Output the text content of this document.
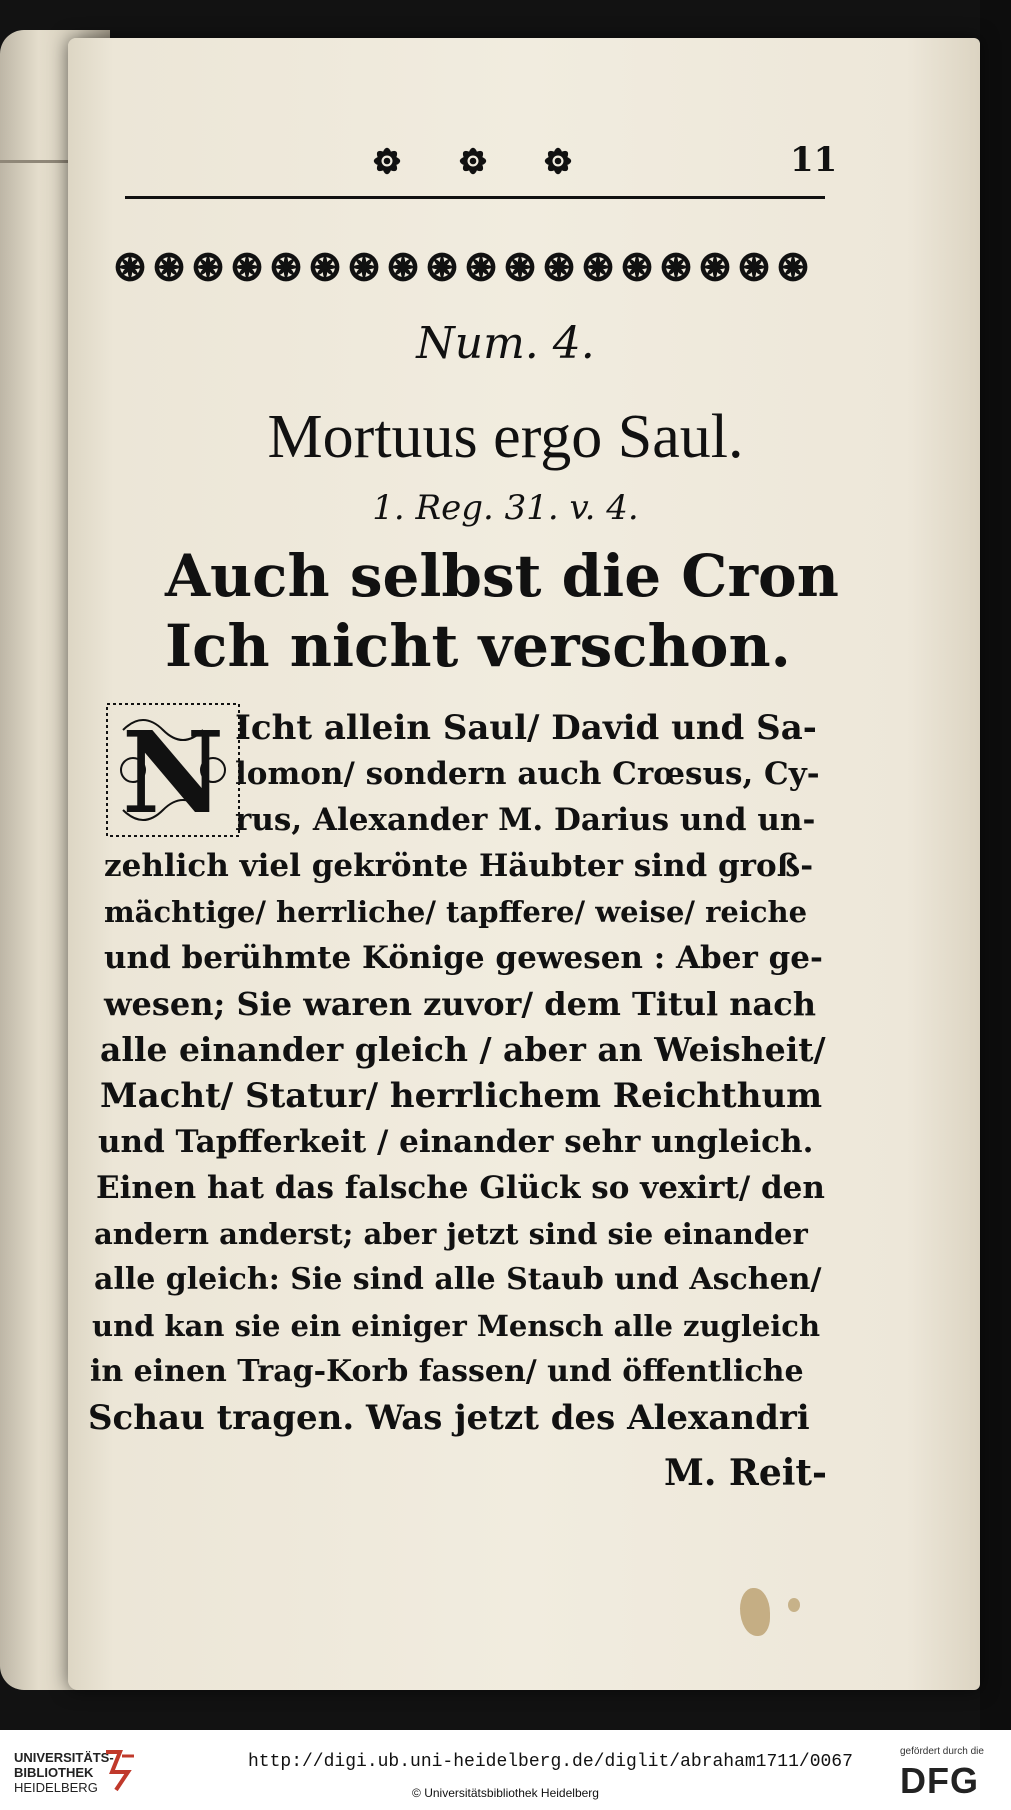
11
Num. 4.
Mortuus ergo Saul.
1. Reg. 31. v. 4.
Auch selbst die Cron
Ich nicht verschon.
N Icht allein Saul/ David und Sa-
lomon/ sondern auch Crœsus, Cy-
rus, Alexander M. Darius und un-
zehlich viel gekrönte Häubter sind groß-
mächtige/ herrliche/ tapffere/ weise/ reiche
und berühmte Könige gewesen : Aber ge-
wesen; Sie waren zuvor/ dem Titul nach
alle einander gleich / aber an Weisheit/
Macht/ Statur/ herrlichem Reichthum
und Tapfferkeit / einander sehr ungleich.
Einen hat das falsche Glück so vexirt/ den
andern anderst; aber jetzt sind sie einander
alle gleich: Sie sind alle Staub und Aschen/
und kan sie ein einiger Mensch alle zugleich
in einen Trag-Korb fassen/ und öffentliche
Schau tragen. Was jetzt des Alexandri
M. Reit-
UNIVERSITÄTS-
BIBLIOTHEK
HEIDELBERG
http://digi.ub.uni-heidelberg.de/diglit/abraham1711/0067
© Universitätsbibliothek Heidelberg
gefördert durch die
DFG
